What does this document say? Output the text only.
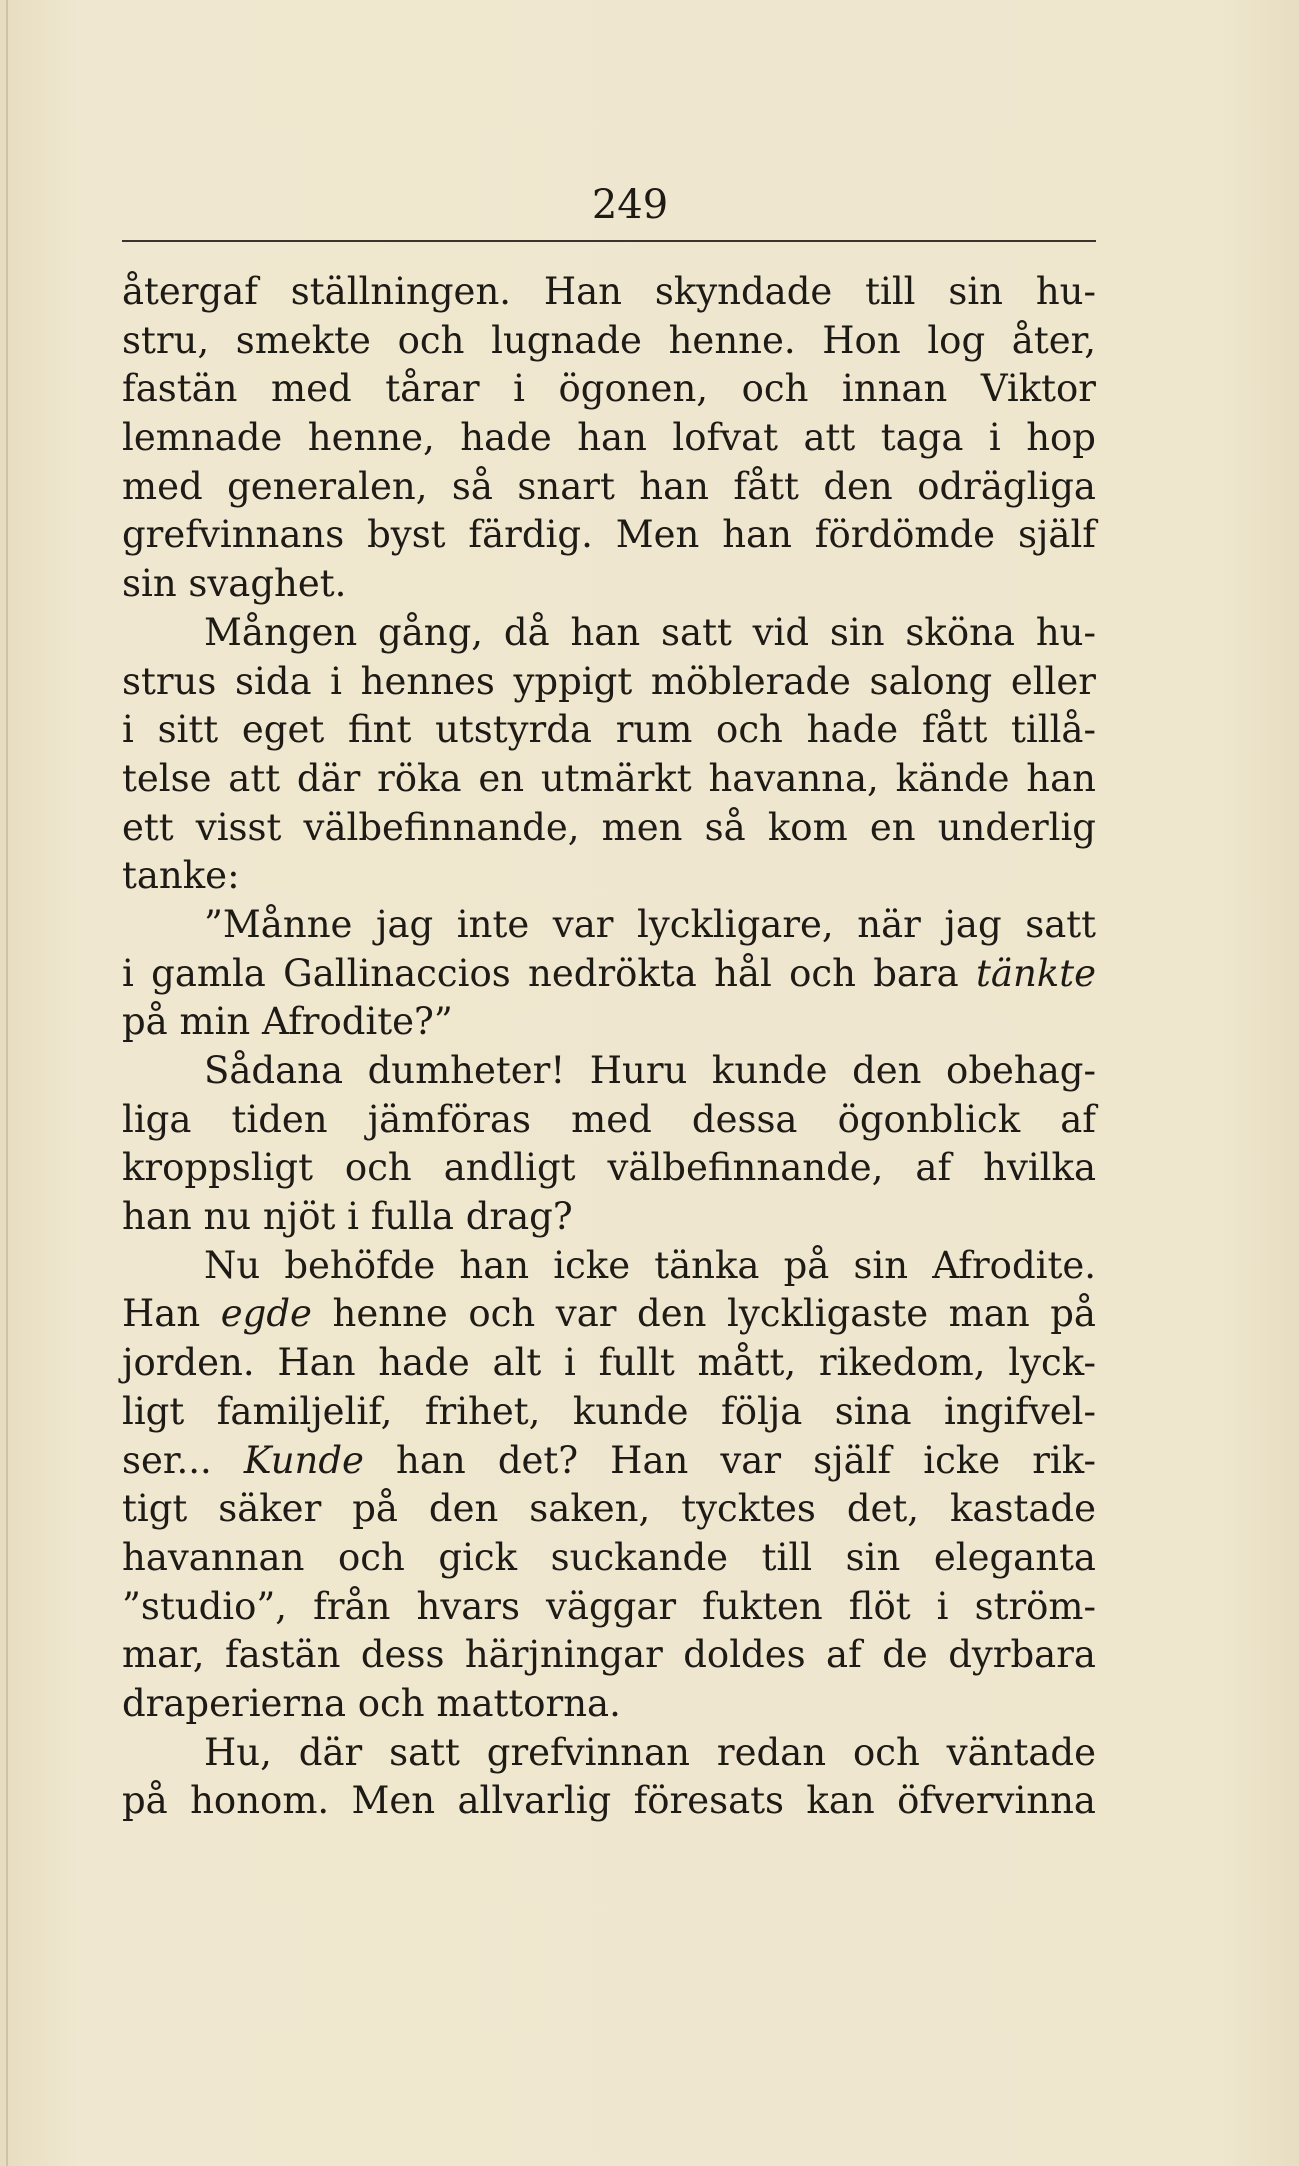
249
återgaf ställningen. Han skyndade till sin hu-
stru, smekte och lugnade henne. Hon log åter,
fastän med tårar i ögonen, och innan Viktor
lemnade henne, hade han lofvat att taga i hop
med generalen, så snart han fått den odrägliga
grefvinnans byst färdig. Men han fördömde själf
sin svaghet.
Mången gång, då han satt vid sin sköna hu-
strus sida i hennes yppigt möblerade salong eller
i sitt eget fint utstyrda rum och hade fått tillå-
telse att där röka en utmärkt havanna, kände han
ett visst välbefinnande, men så kom en underlig
tanke:
”Månne jag inte var lyckligare, när jag satt
i gamla Gallinaccios nedrökta hål och bara tänkte
på min Afrodite?”
Sådana dumheter! Huru kunde den obehag-
liga tiden jämföras med dessa ögonblick af
kroppsligt och andligt välbefinnande, af hvilka
han nu njöt i fulla drag?
Nu behöfde han icke tänka på sin Afrodite.
Han egde henne och var den lyckligaste man på
jorden. Han hade alt i fullt mått, rikedom, lyck-
ligt familjelif, frihet, kunde följa sina ingifvel-
ser... Kunde han det? Han var själf icke rik-
tigt säker på den saken, tycktes det, kastade
havannan och gick suckande till sin eleganta
”studio”, från hvars väggar fukten flöt i ström-
mar, fastän dess härjningar doldes af de dyrbara
draperierna och mattorna.
Hu, där satt grefvinnan redan och väntade
på honom. Men allvarlig föresats kan öfvervinna
